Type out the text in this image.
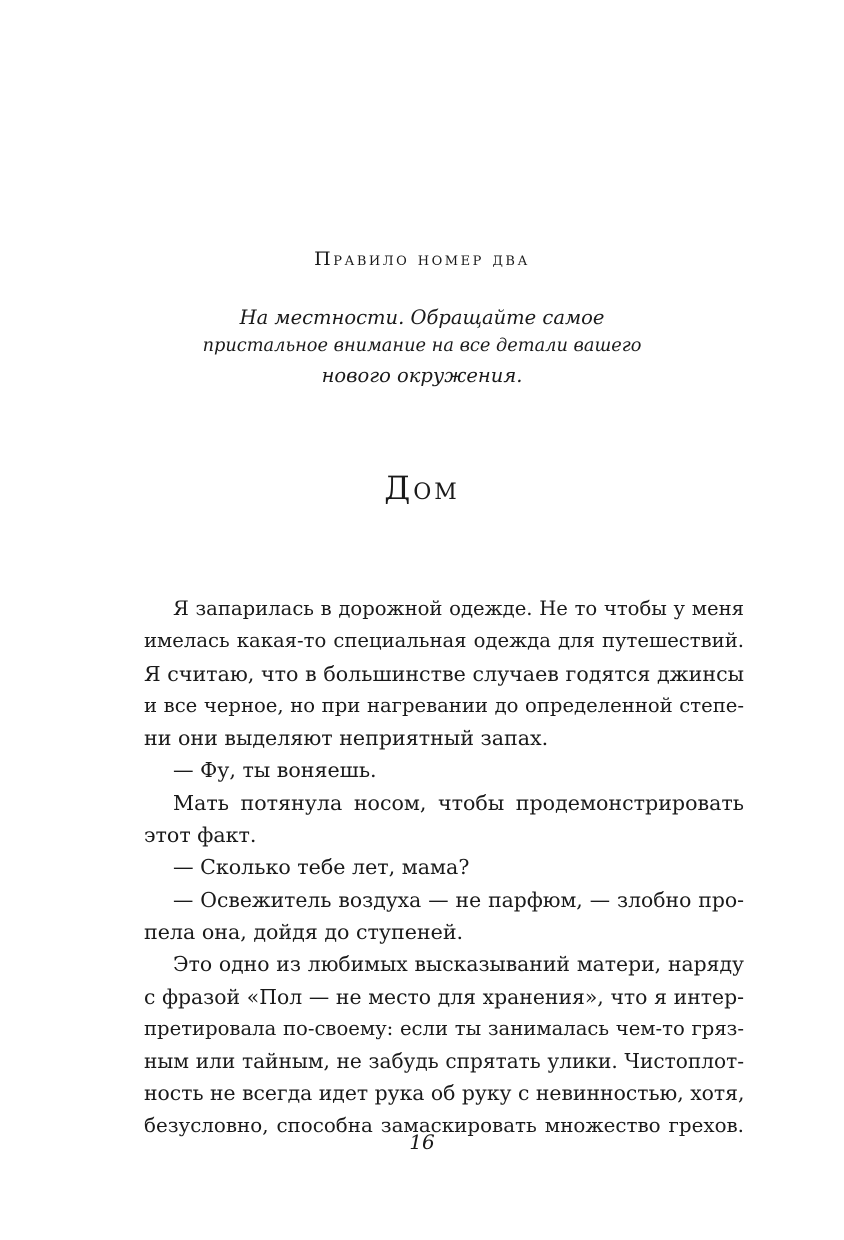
Правило номер два
На местности. Обращайте самое
пристальное внимание на все детали вашего
нового окружения.
Дом
Я запарилась в дорожной одежде. Не то чтобы у меня
имелась какая-то специальная одежда для путешествий.
Я считаю, что в большинстве случаев годятся джинсы
и все черное, но при нагревании до определенной степе-
ни они выделяют неприятный запах.
— Фу, ты воняешь.
Мать потянула носом, чтобы продемонстрировать
этот факт.
— Сколько тебе лет, мама?
— Освежитель воздуха — не парфюм, — злобно про-
пела она, дойдя до ступеней.
Это одно из любимых высказываний матери, наряду
с фразой «Пол — не место для хранения», что я интер-
претировала по-своему: если ты занималась чем-то гряз-
ным или тайным, не забудь спрятать улики. Чистоплот-
ность не всегда идет рука об руку с невинностью, хотя,
безусловно, способна замаскировать множество грехов.
16
